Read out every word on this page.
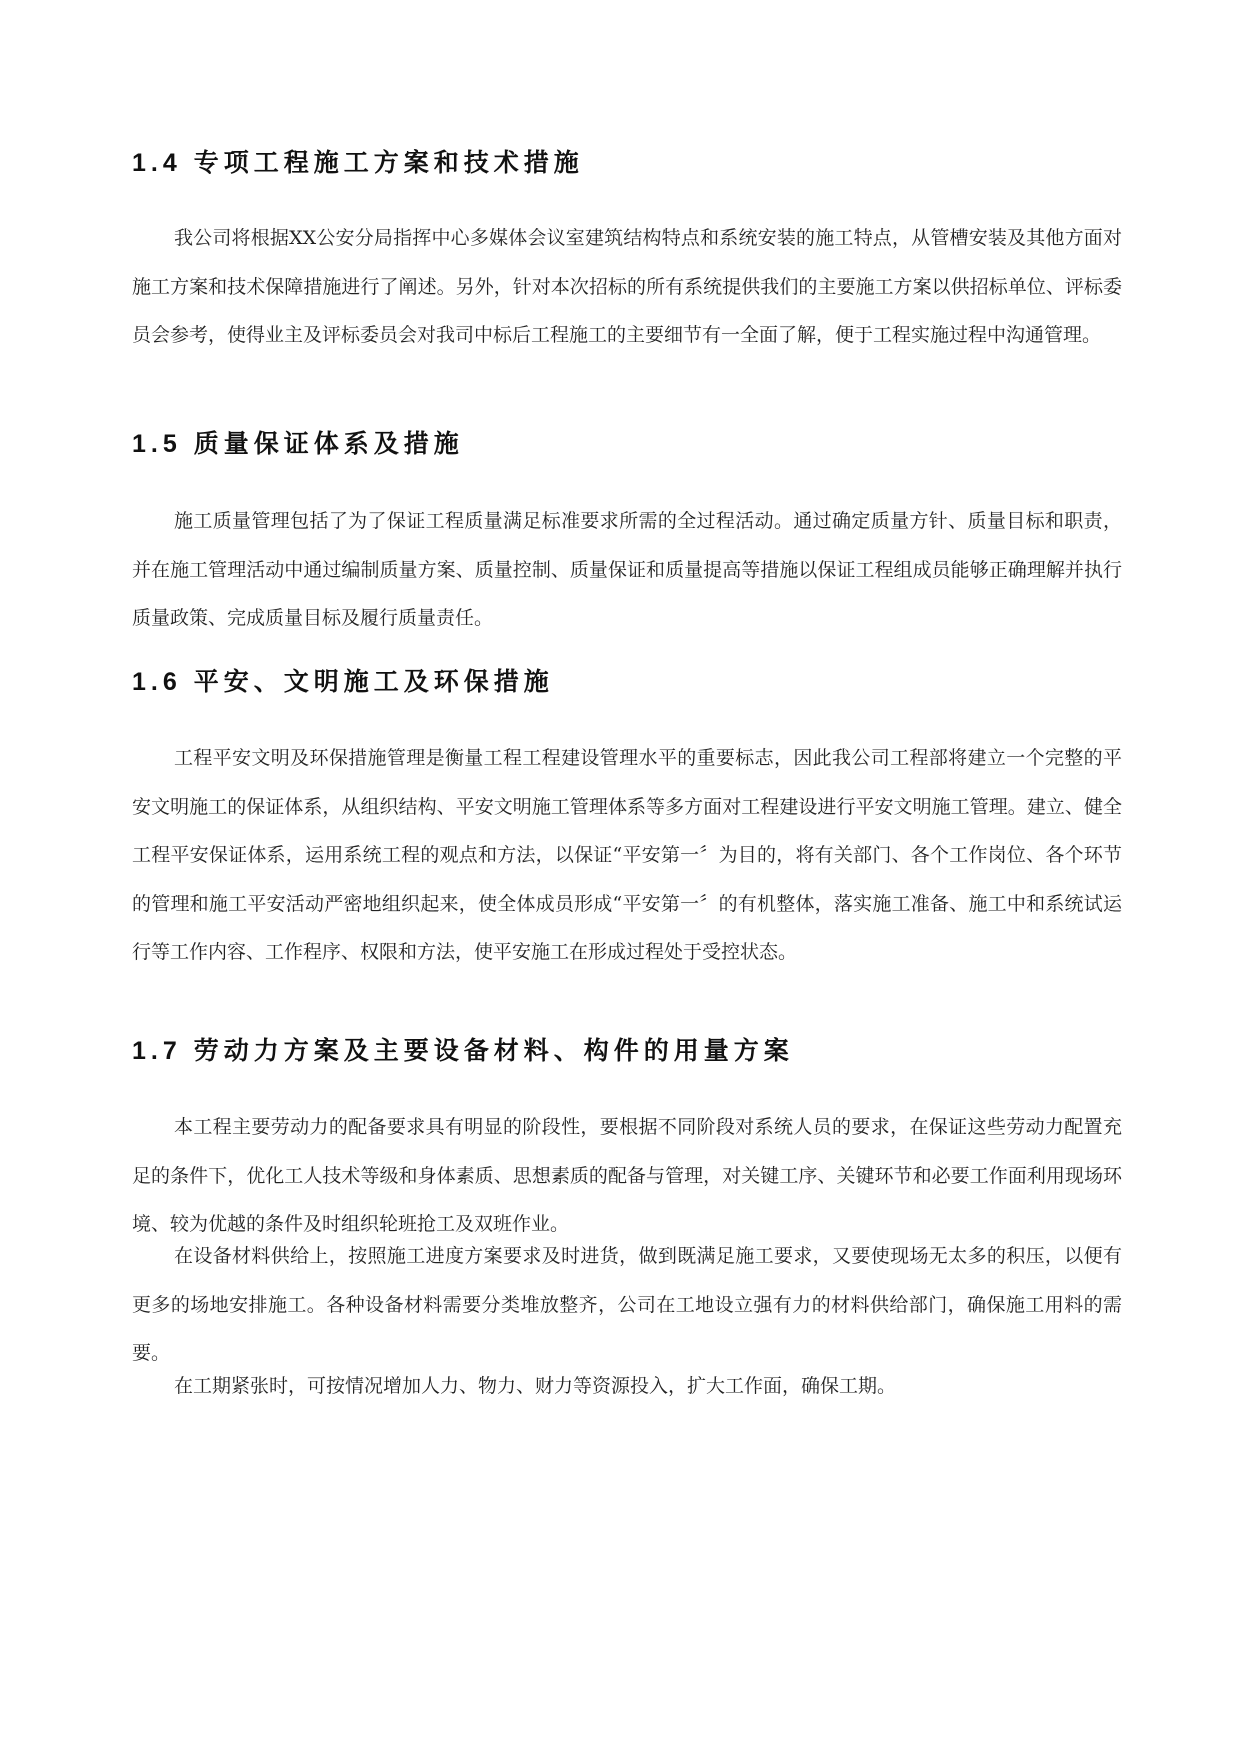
1.4 专项工程施工方案和技术措施

我公司将根据XX公安分局指挥中心多媒体会议室建筑结构特点和系统安装的施工特点，从管槽安装及其他方面对施工方案和技术保障措施进行了阐述。另外，针对本次招标的所有系统提供我们的主要施工方案以供招标单位、评标委员会参考，使得业主及评标委员会对我司中标后工程施工的主要细节有一全面了解，便于工程实施过程中沟通管理。

1.5 质量保证体系及措施

施工质量管理包括了为了保证工程质量满足标准要求所需的全过程活动。通过确定质量方针、质量目标和职责，并在施工管理活动中通过编制质量方案、质量控制、质量保证和质量提高等措施以保证工程组成员能够正确理解并执行质量政策、完成质量目标及履行质量责任。

1.6 平安、文明施工及环保措施

工程平安文明及环保措施管理是衡量工程工程建设管理水平的重要标志，因此我公司工程部将建立一个完整的平安文明施工的保证体系，从组织结构、平安文明施工管理体系等多方面对工程建设进行平安文明施工管理。建立、健全工程平安保证体系，运用系统工程的观点和方法，以保证“平安第一〞为目的，将有关部门、各个工作岗位、各个环节的管理和施工平安活动严密地组织起来，使全体成员形成“平安第一〞的有机整体，落实施工准备、施工中和系统试运行等工作内容、工作程序、权限和方法，使平安施工在形成过程处于受控状态。

1.7 劳动力方案及主要设备材料、构件的用量方案

本工程主要劳动力的配备要求具有明显的阶段性，要根据不同阶段对系统人员的要求，在保证这些劳动力配置充足的条件下，优化工人技术等级和身体素质、思想素质的配备与管理，对关键工序、关键环节和必要工作面利用现场环境、较为优越的条件及时组织轮班抢工及双班作业。

在设备材料供给上，按照施工进度方案要求及时进货，做到既满足施工要求，又要使现场无太多的积压，以便有更多的场地安排施工。各种设备材料需要分类堆放整齐，公司在工地设立强有力的材料供给部门，确保施工用料的需要。

在工期紧张时，可按情况增加人力、物力、财力等资源投入，扩大工作面，确保工期。
